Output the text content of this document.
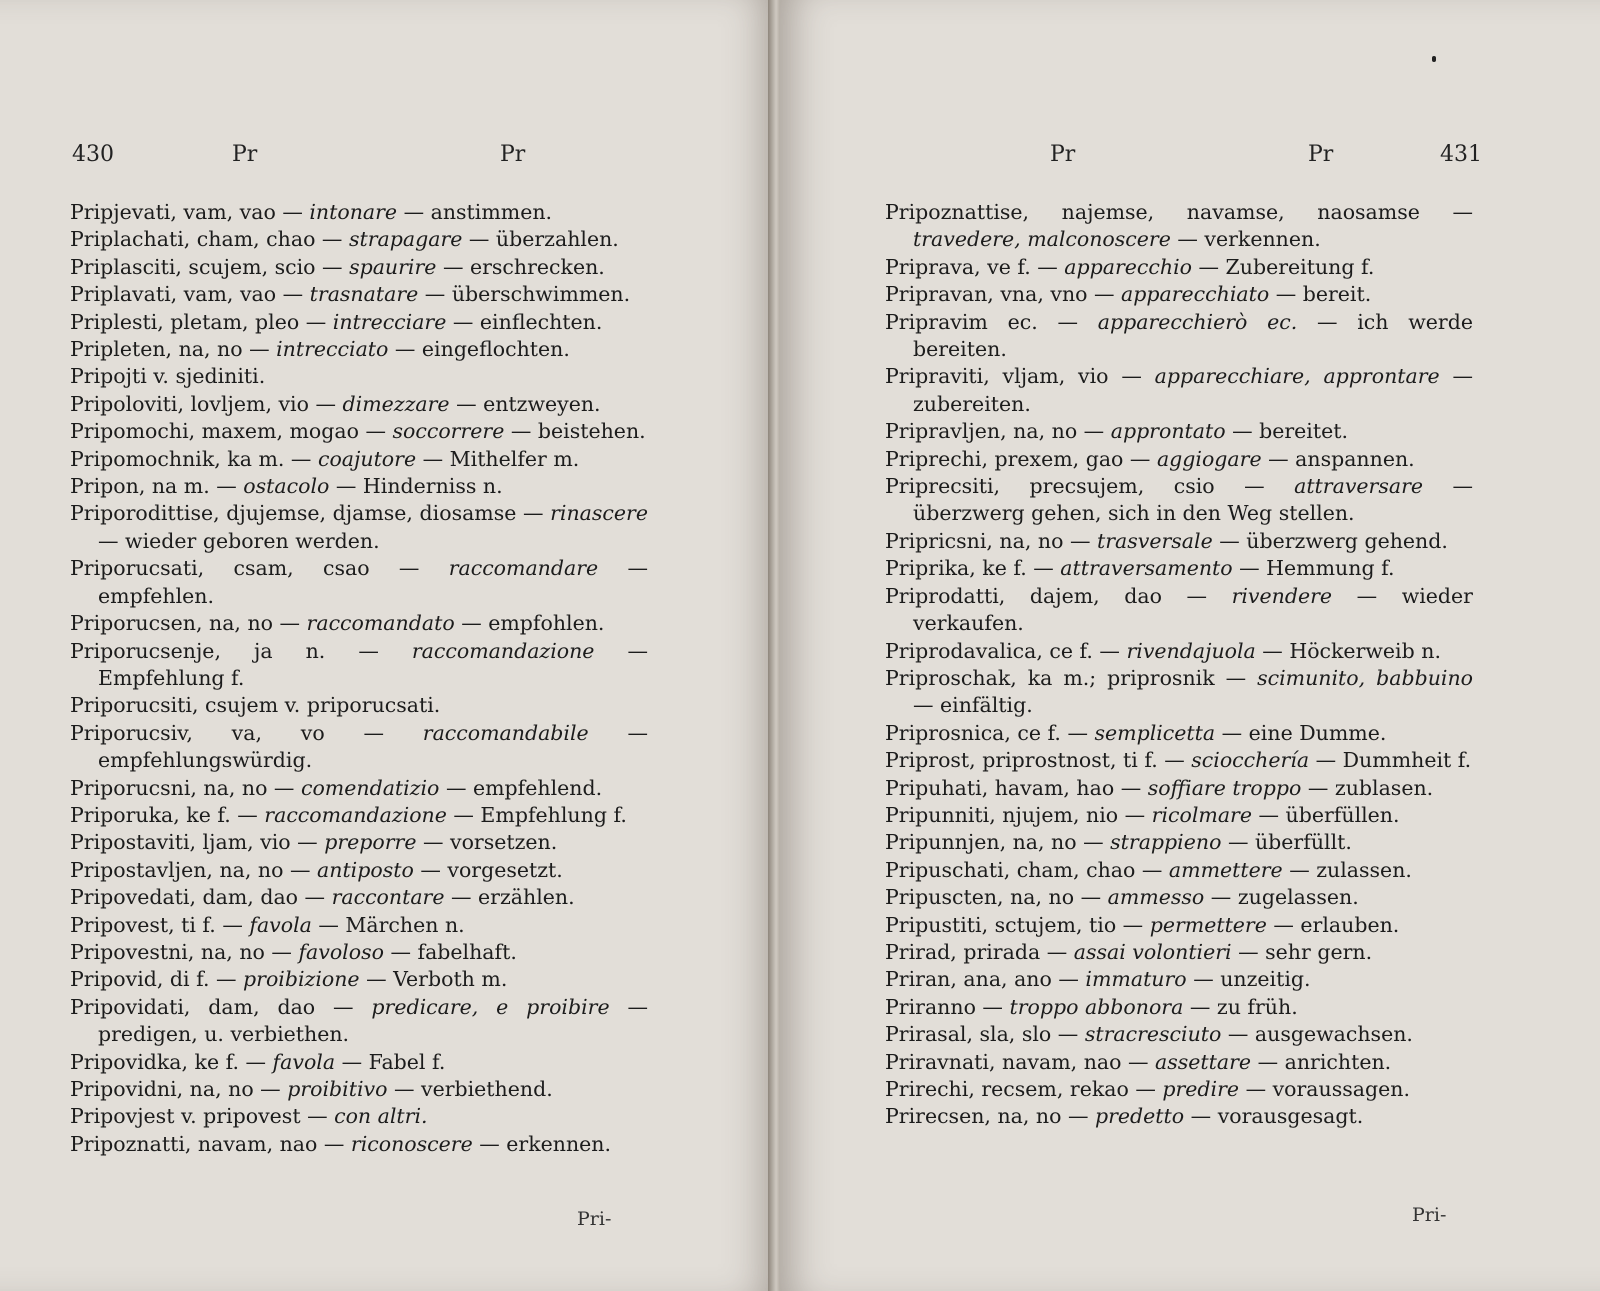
430	Pr	Pr
Pripjevati, vam, vao — intonare — anstimmen.
Priplachati, cham, chao — strapagare — überzahlen.
Priplasciti, scujem, scio — spaurire — erschrecken.
Priplavati, vam, vao — trasnatare — überschwimmen.
Priplesti, pletam, pleo — intrecciare — einflechten.
Pripleten, na, no — intrecciato — eingeflochten.
Pripojti v. sjediniti.
Pripoloviti, lovljem, vio — dimezzare — entzweyen.
Pripomochi, maxem, mogao — soccorrere — beistehen.
Pripomochnik, ka m. — coajutore — Mithelfer m.
Pripon, na m. — ostacolo — Hinderniss n.
Priporodittise, djujemse, djamse, diosamse — rinascere — wieder geboren werden.
Priporucsati, csam, csao — raccomandare — empfehlen.
Priporucsen, na, no — raccomandato — empfohlen.
Priporucsenje, ja n. — raccomandazione — Empfehlung f.
Priporucsiti, csujem v. priporucsati.
Priporucsiv, va, vo — raccomandabile — empfehlungswürdig.
Priporucsni, na, no — comendatizio — empfehlend.
Priporuka, ke f. — raccomandazione — Empfehlung f.
Pripostaviti, ljam, vio — preporre — vorsetzen.
Pripostavljen, na, no — antiposto — vorgesetzt.
Pripovedati, dam, dao — raccontare — erzählen.
Pripovest, ti f. — favola — Märchen n.
Pripovestni, na, no — favoloso — fabelhaft.
Pripovid, di f. — proibizione — Verboth m.
Pripovidati, dam, dao — predicare, e proibire — predigen, u. verbiethen.
Pripovidka, ke f. — favola — Fabel f.
Pripovidni, na, no — proibitivo — verbiethend.
Pripovjest v. pripovest — con altri.
Pripoznatti, navam, nao — riconoscere — erkennen.
Pri-
Pr	Pr	431
Pripoznattise, najemse, navamse, naosamse — travedere, malconoscere — verkennen.
Priprava, ve f. — apparecchio — Zubereitung f.
Pripravan, vna, vno — apparecchiato — bereit.
Pripravim ec. — apparecchierò ec. — ich werde bereiten.
Pripraviti, vljam, vio — apparecchiare, approntare — zubereiten.
Pripravljen, na, no — approntato — bereitet.
Priprechi, prexem, gao — aggiogare — anspannen.
Priprecsiti, precsujem, csio — attraversare — überzwerg gehen, sich in den Weg stellen.
Pripricsni, na, no — trasversale — überzwerg gehend.
Priprika, ke f. — attraversamento — Hemmung f.
Priprodatti, dajem, dao — rivendere — wieder verkaufen.
Priprodavalica, ce f. — rivendajuola — Höckerweib n.
Priproschak, ka m.; priprosnik — scimunito, babbuino — einfältig.
Priprosnica, ce f. — semplicetta — eine Dumme.
Priprost, priprostnost, ti f. — sciocchería — Dummheit f.
Pripuhati, havam, hao — soffiare troppo — zublasen.
Pripunniti, njujem, nio — ricolmare — überfüllen.
Pripunnjen, na, no — strappieno — überfüllt.
Pripuschati, cham, chao — ammettere — zulassen.
Pripuscten, na, no — ammesso — zugelassen.
Pripustiti, sctujem, tio — permettere — erlauben.
Prirad, prirada — assai volontieri — sehr gern.
Priran, ana, ano — immaturo — unzeitig.
Priranno — troppo abbonora — zu früh.
Prirasal, sla, slo — stracresciuto — ausgewachsen.
Priravnati, navam, nao — assettare — anrichten.
Prirechi, recsem, rekao — predire — voraussagen.
Prirecsen, na, no — predetto — vorausgesagt.
Pri-
